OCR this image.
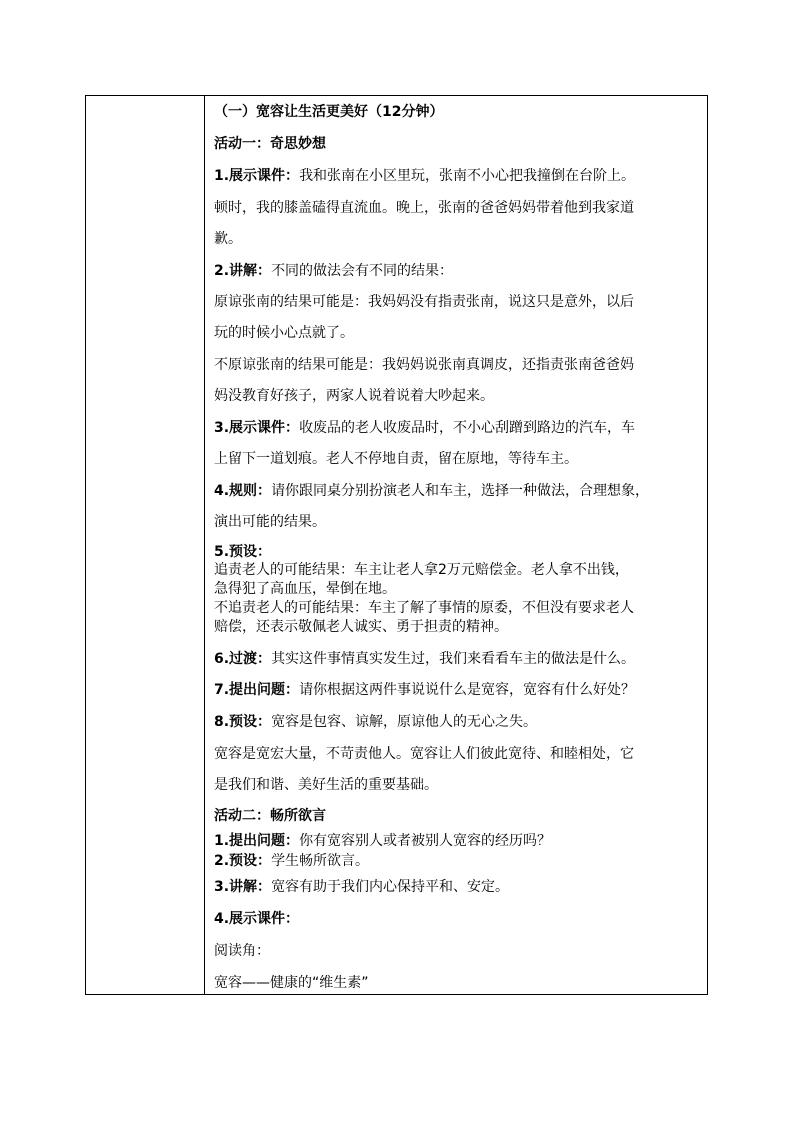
（一）宽容让生活更美好（12分钟）
活动一：奇思妙想
1.展示课件：我和张南在小区里玩，张南不小心把我撞倒在台阶上。
顿时，我的膝盖磕得直流血。晚上，张南的爸爸妈妈带着他到我家道
歉。
2.讲解：不同的做法会有不同的结果：
原谅张南的结果可能是：我妈妈没有指责张南，说这只是意外，以后
玩的时候小心点就了。
不原谅张南的结果可能是：我妈妈说张南真调皮，还指责张南爸爸妈
妈没教育好孩子，两家人说着说着大吵起来。
3.展示课件：收废品的老人收废品时，不小心刮蹭到路边的汽车，车
上留下一道划痕。老人不停地自责，留在原地，等待车主。
4.规则：请你跟同桌分别扮演老人和车主，选择一种做法，合理想象，
演出可能的结果。
5.预设：
追责老人的可能结果：车主让老人拿2万元赔偿金。老人拿不出钱，
急得犯了高血压，晕倒在地。
不追责老人的可能结果：车主了解了事情的原委，不但没有要求老人
赔偿，还表示敬佩老人诚实、勇于担责的精神。
6.过渡：其实这件事情真实发生过，我们来看看车主的做法是什么。
7.提出问题：请你根据这两件事说说什么是宽容，宽容有什么好处？
8.预设：宽容是包容、谅解，原谅他人的无心之失。
宽容是宽宏大量，不苛责他人。宽容让人们彼此宽待、和睦相处，它
是我们和谐、美好生活的重要基础。
活动二：畅所欲言
1.提出问题：你有宽容别人或者被别人宽容的经历吗？
2.预设：学生畅所欲言。
3.讲解：宽容有助于我们内心保持平和、安定。
4.展示课件：
阅读角：
宽容——健康的“维生素”
